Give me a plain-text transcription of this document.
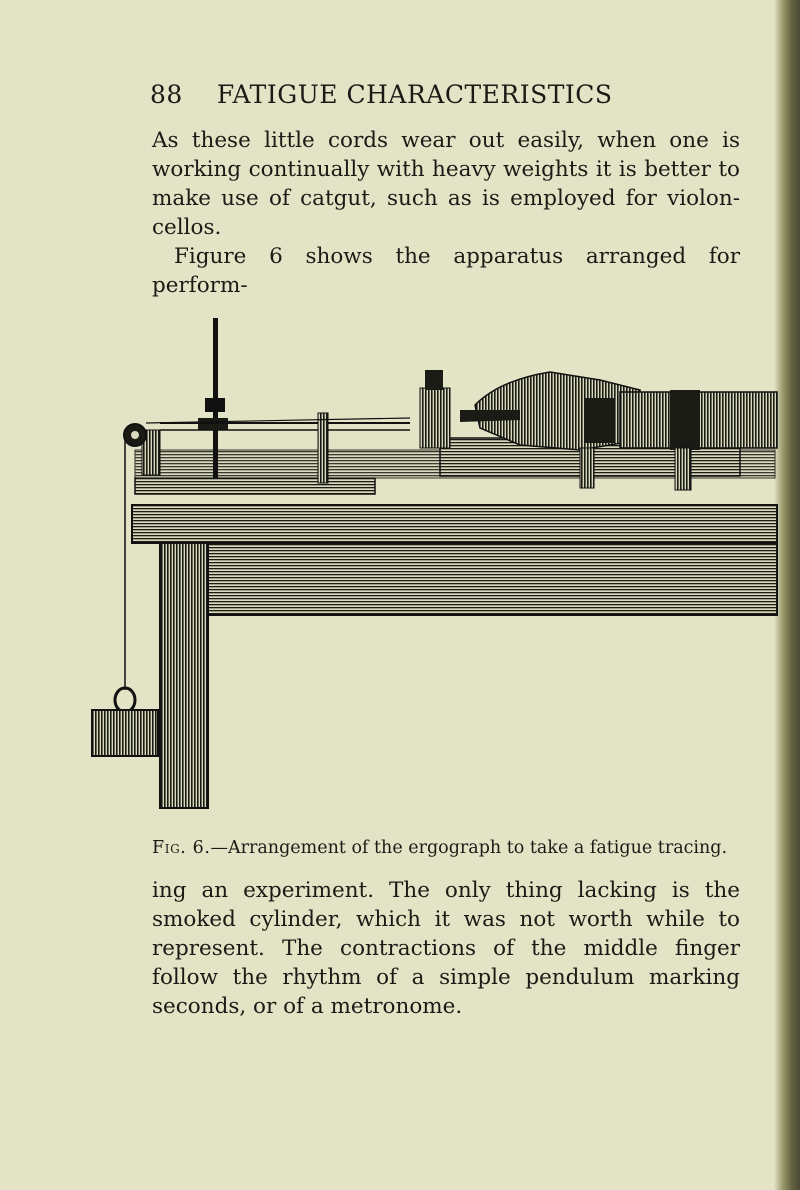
88 FATIGUE CHARACTERISTICS

As these little cords wear out easily, when one is working continually with heavy weights it is better to make use of catgut, such as is employed for violon-cellos.

Figure 6 shows the apparatus arranged for perform-

Fig. 6.—Arrangement of the ergograph to take a fatigue tracing.

ing an experiment. The only thing lacking is the smoked cylinder, which it was not worth while to represent. The contractions of the middle finger follow the rhythm of a simple pendulum marking seconds, or of a metronome.
